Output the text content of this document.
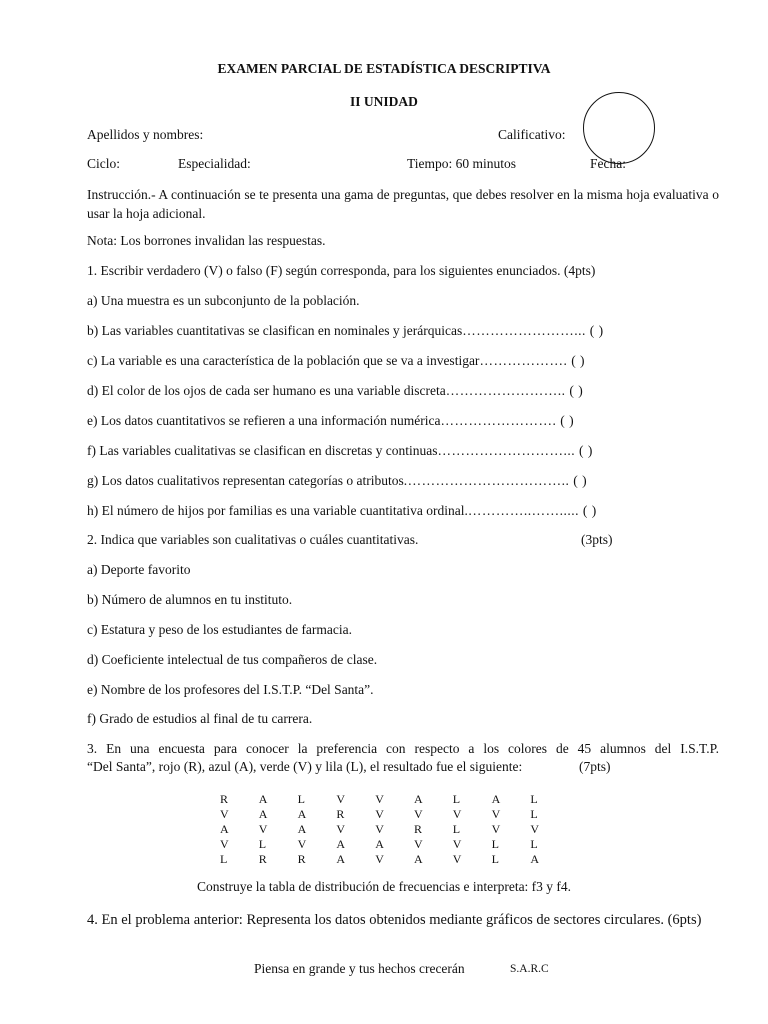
EXAMEN PARCIAL DE ESTADÍSTICA DESCRIPTIVA
II UNIDAD
Apellidos y nombres:	Calificativo:
Ciclo:	Especialidad:	Tiempo: 60 minutos	Fecha:
Instrucción.- A continuación se te presenta una gama de preguntas, que debes resolver en la misma hoja evaluativa o usar la hoja adicional.
Nota: Los borrones invalidan las respuestas.
1. Escribir verdadero (V) o falso (F) según corresponda, para los siguientes enunciados. (4pts)
a) Una muestra es un subconjunto de la población.
b) Las variables cuantitativas se clasifican en nominales y jerárquicas……………………... ( )
c) La variable es una característica de la población que se va a investigar………………. ( )
d) El color de los ojos de cada ser humano es una variable discreta…………………….. ( )
e) Los datos cuantitativos se refieren a una información numérica……………………. ( )
f) Las variables cualitativas se clasifican en discretas y continuas………………………... ( )
g) Los datos cualitativos representan categorías o atributos.…………………………….. ( )
h) El número de hijos por familias es una variable cuantitativa ordinal.…………..……..... ( )
2. Indica que variables son cualitativas o cuáles cuantitativas.	(3pts)
a) Deporte favorito
b) Número de alumnos en tu instituto.
c) Estatura y peso de los estudiantes de farmacia.
d) Coeficiente intelectual de tus compañeros de clase.
e) Nombre de los profesores del I.S.T.P. “Del Santa”.
f) Grado de estudios al final de tu carrera.
3. En una encuesta para conocer la preferencia con respecto a los colores de 45 alumnos del I.S.T.P.
“Del Santa”, rojo (R), azul (A), verde (V) y lila (L), el resultado fue el siguiente:	(7pts)
R	A	L	V	V	A	L	A	L
V	A	A	R	V	V	V	V	L
A	V	A	V	V	R	L	V	V
V	L	V	A	A	V	V	L	L
L	R	R	A	V	A	V	L	A
Construye la tabla de distribución de frecuencias e interpreta: f3 y f4.
4. En el problema anterior: Representa los datos obtenidos mediante gráficos de sectores circulares. (6pts)
Piensa en grande y tus hechos crecerán	S.A.R.C
